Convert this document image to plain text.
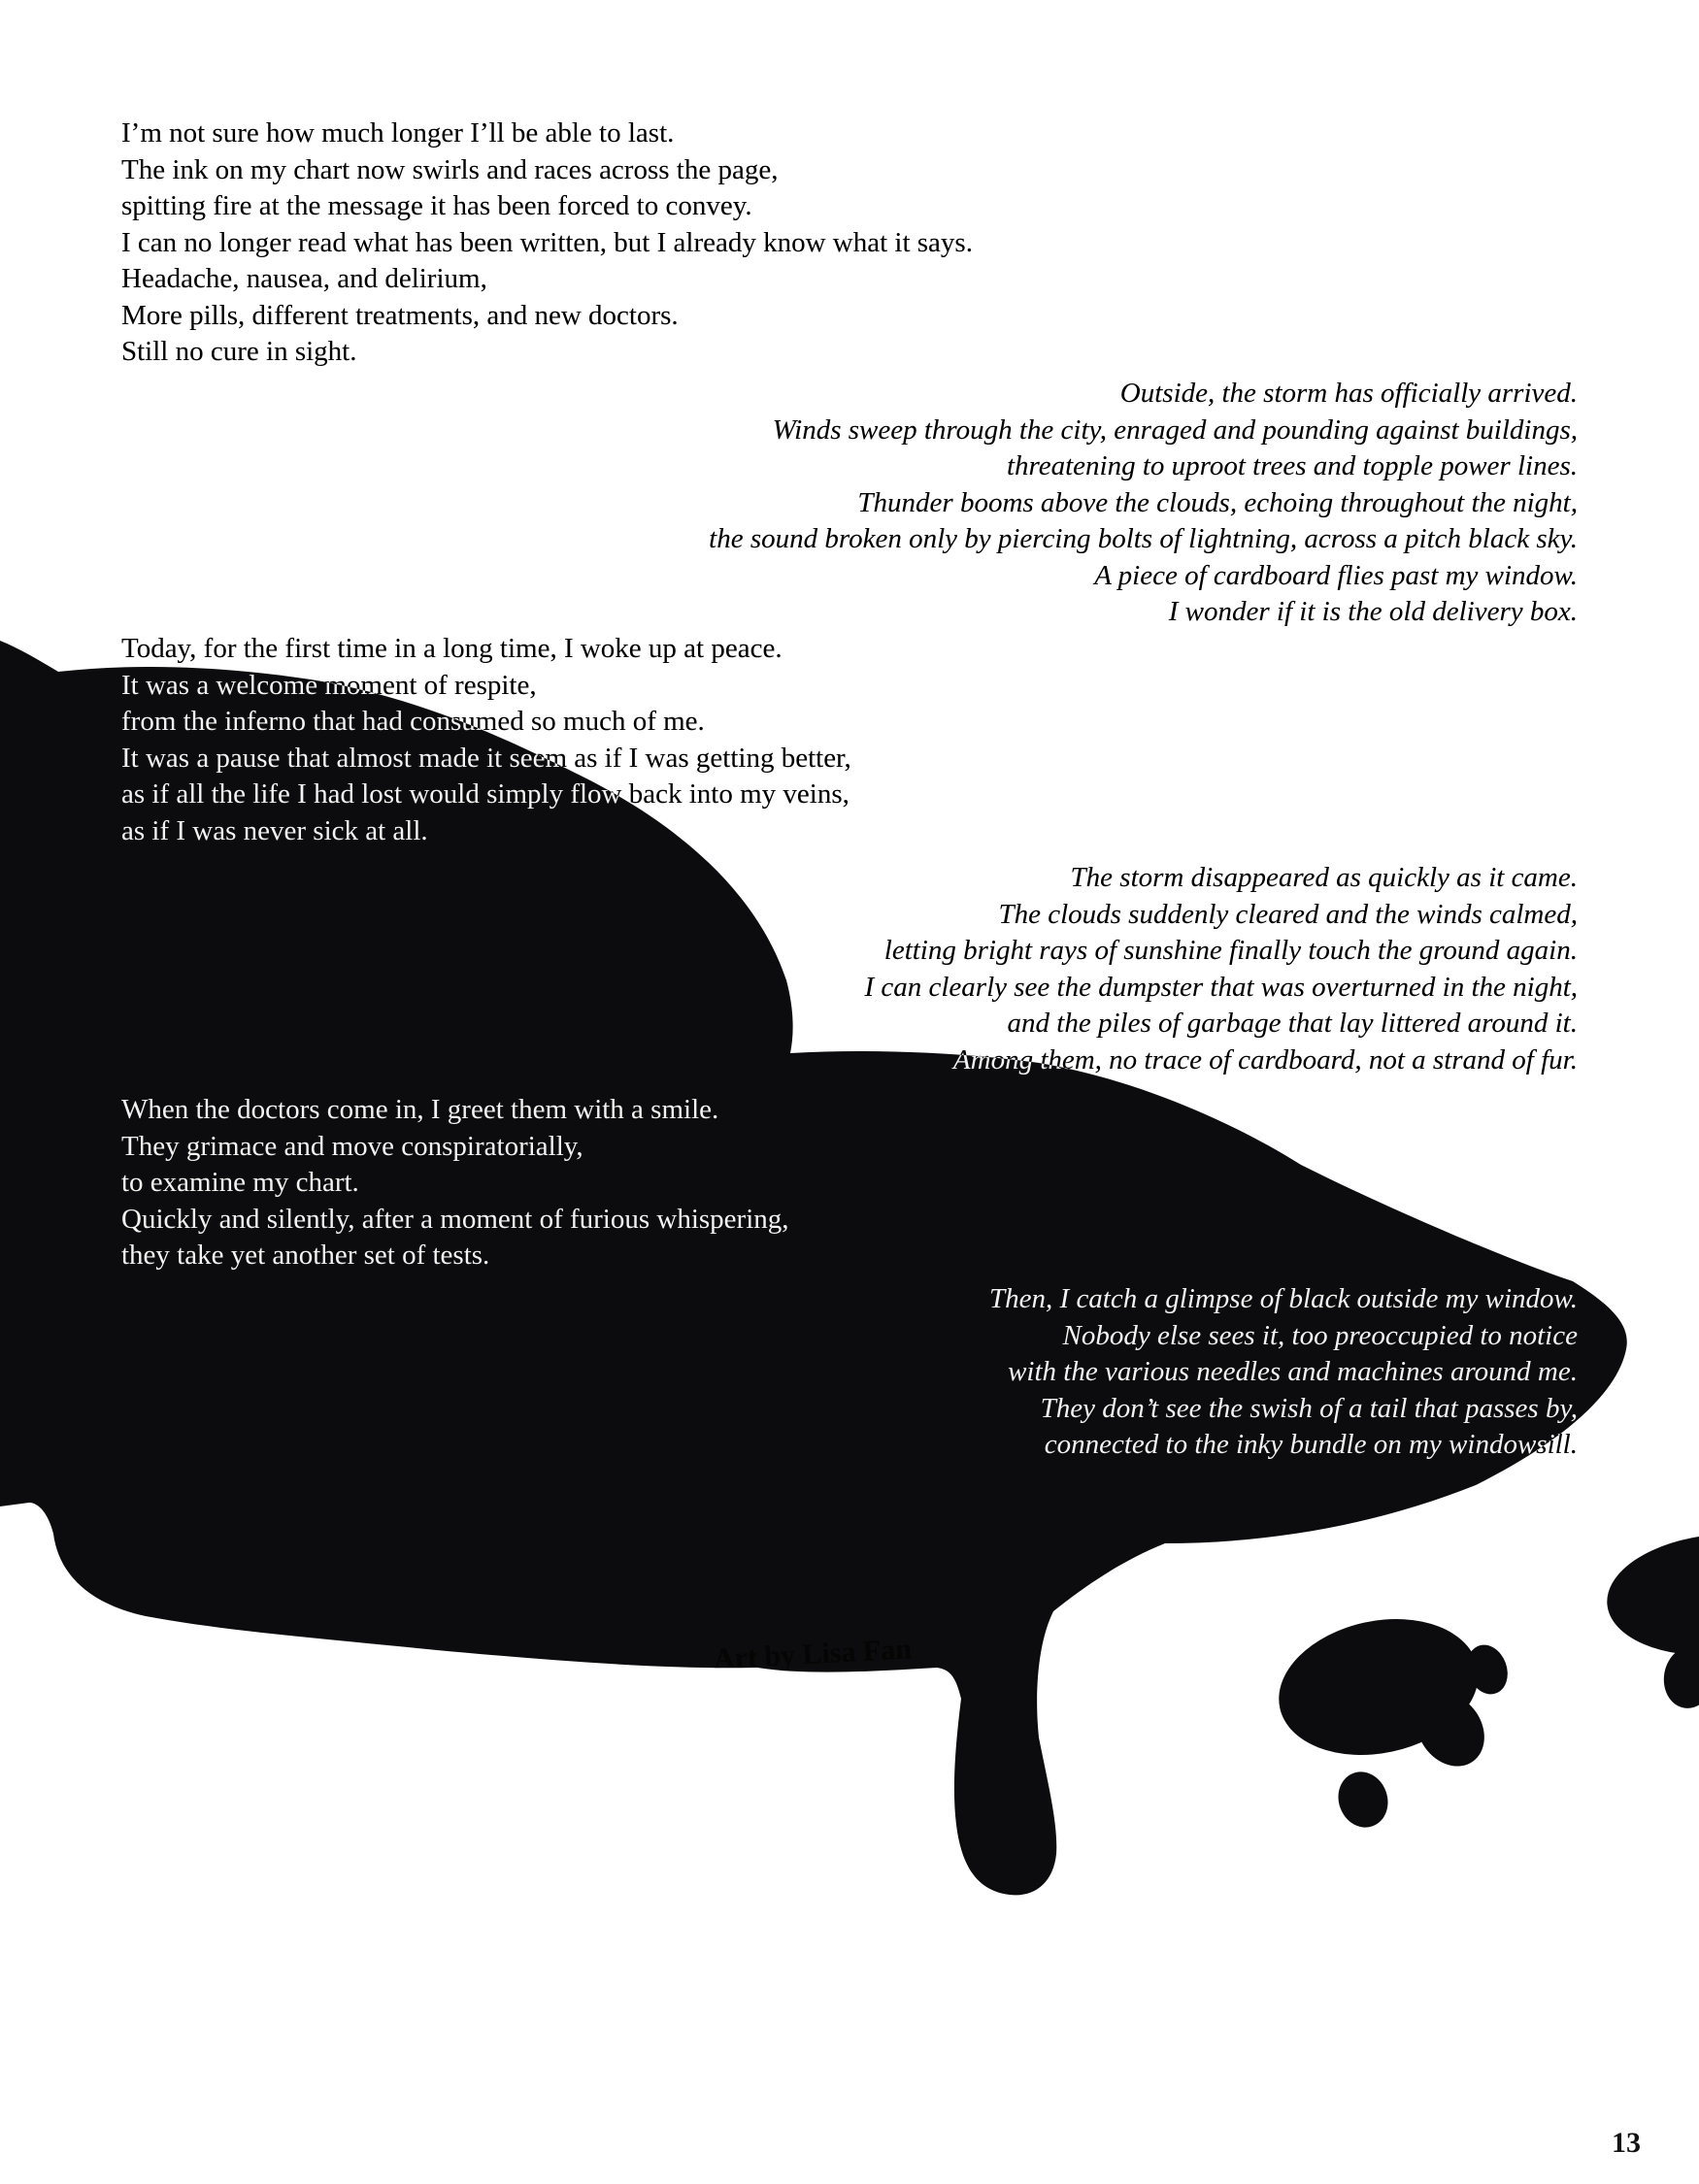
I’m not sure how much longer I’ll be able to last.
The ink on my chart now swirls and races across the page,
spitting fire at the message it has been forced to convey.
I can no longer read what has been written, but I already know what it says.
Headache, nausea, and delirium,
More pills, different treatments, and new doctors.
Still no cure in sight.
Outside, the storm has officially arrived.
Winds sweep through the city, enraged and pounding against buildings,
threatening to uproot trees and topple power lines.
Thunder booms above the clouds, echoing throughout the night,
the sound broken only by piercing bolts of lightning, across a pitch black sky.
A piece of cardboard flies past my window.
I wonder if it is the old delivery box.
Today, for the first time in a long time, I woke up at peace.
It was a welcome moment of respite,
from the inferno that had consumed so much of me.
It was a pause that almost made it seem as if I was getting better,
as if all the life I had lost would simply flow back into my veins,
as if I was never sick at all.
The storm disappeared as quickly as it came.
The clouds suddenly cleared and the winds calmed,
letting bright rays of sunshine finally touch the ground again.
I can clearly see the dumpster that was overturned in the night,
and the piles of garbage that lay littered around it.
Among them, no trace of cardboard, not a strand of fur.
When the doctors come in, I greet them with a smile.
They grimace and move conspiratorially,
to examine my chart.
Quickly and silently, after a moment of furious whispering,
they take yet another set of tests.
Then, I catch a glimpse of black outside my window.
Nobody else sees it, too preoccupied to notice
with the various needles and machines around me.
They don’t see the swish of a tail that passes by,
connected to the inky bundle on my windowsill.
Art by Lisa Fan
13
